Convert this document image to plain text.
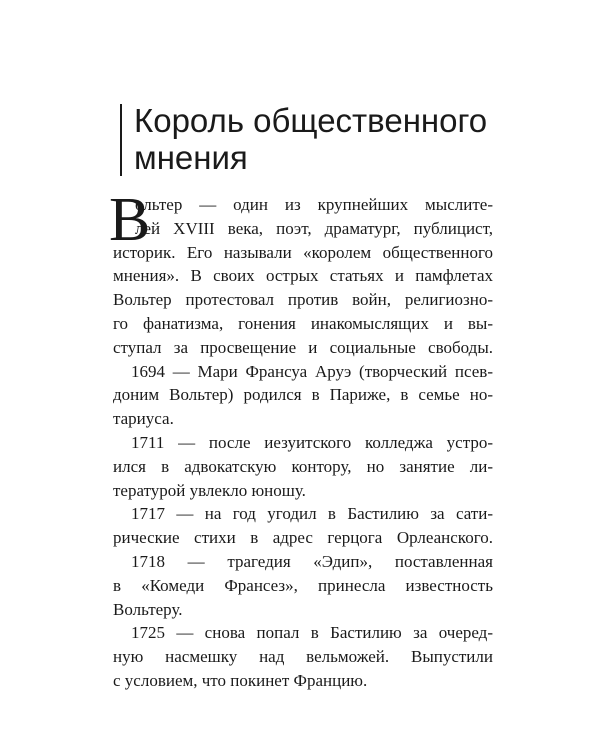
Король общественного
мнения
В
ольтер — один из крупнейших мыслите-
лей XVIII века, поэт, драматург, публицист,
историк. Его называли «королем общественного
мнения». В своих острых статьях и памфлетах
Вольтер протестовал против войн, религиозно-
го фанатизма, гонения инакомыслящих и вы-
ступал за просвещение и социальные свободы.
1694 — Мари Франсуа Аруэ (творческий псев-
доним Вольтер) родился в Париже, в семье но-
тариуса.
1711 — после иезуитского колледжа устро-
ился в адвокатскую контору, но занятие ли-
тературой увлекло юношу.
1717 — на год угодил в Бастилию за сати-
рические стихи в адрес герцога Орлеанского.
1718 — трагедия «Эдип», поставленная
в «Комеди Франсез», принесла известность
Вольтеру.
1725 — снова попал в Бастилию за очеред-
ную насмешку над вельможей. Выпустили
с условием, что покинет Францию.
